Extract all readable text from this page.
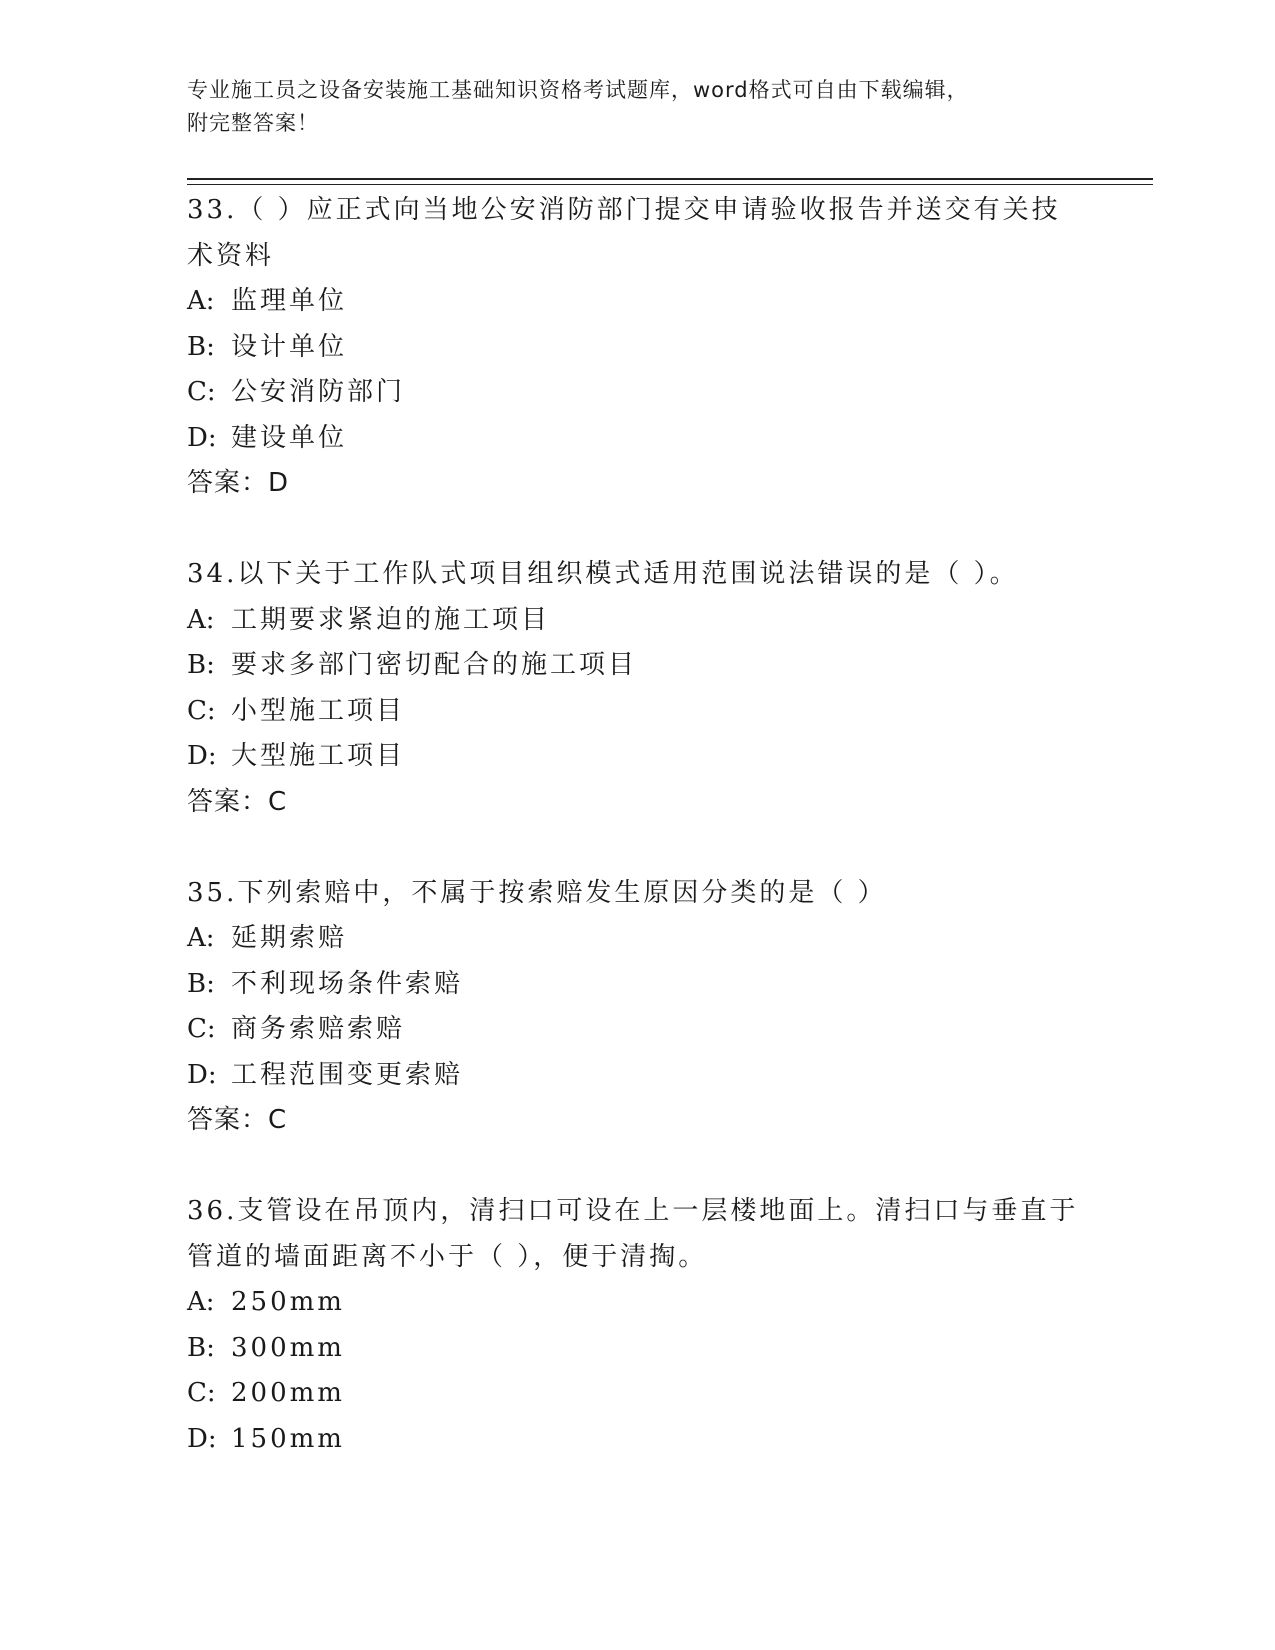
专业施工员之设备安装施工基础知识资格考试题库，word格式可自由下载编辑，
附完整答案！

33.（ ）应正式向当地公安消防部门提交申请验收报告并送交有关技

术资料

A: 监理单位

B: 设计单位

C: 公安消防部门

D: 建设单位

答案：D

34.以下关于工作队式项目组织模式适用范围说法错误的是（ ）。

A: 工期要求紧迫的施工项目

B: 要求多部门密切配合的施工项目

C: 小型施工项目

D: 大型施工项目

答案：C

35.下列索赔中，不属于按索赔发生原因分类的是（ ）

A: 延期索赔

B: 不利现场条件索赔

C: 商务索赔索赔

D: 工程范围变更索赔

答案：C

36.支管设在吊顶内，清扫口可设在上一层楼地面上。清扫口与垂直于

管道的墙面距离不小于（ ），便于清掏。

A: 250mm

B: 300mm

C: 200mm

D: 150mm
